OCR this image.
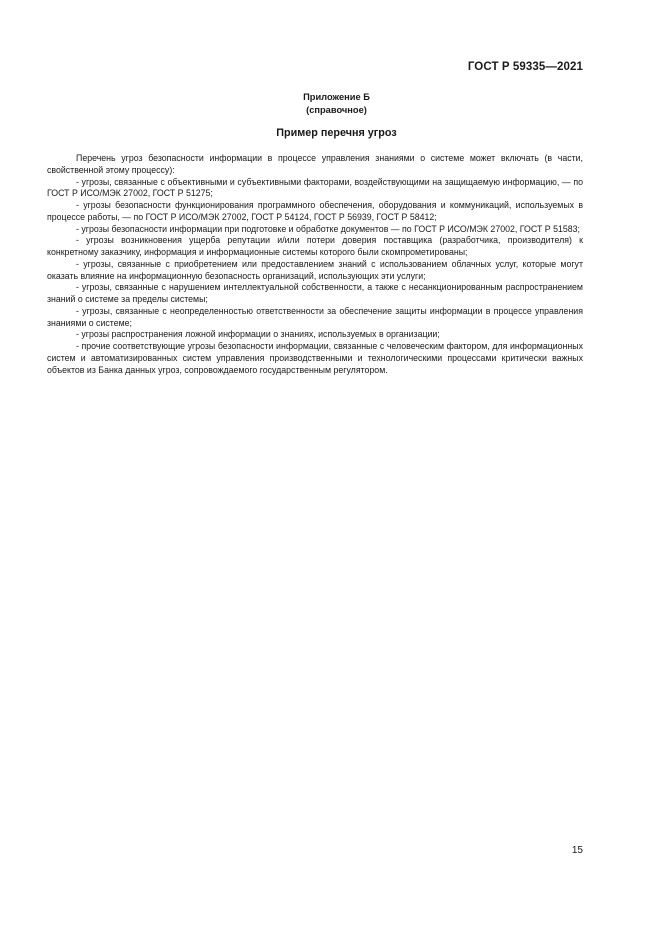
ГОСТ Р 59335—2021
Приложение Б
(справочное)
Пример перечня угроз

Перечень угроз безопасности информации в процессе управления знаниями о системе может включать (в части, свойственной этому процессу):

- угрозы, связанные с объективными и субъективными факторами, воздействующими на защищаемую информацию, — по ГОСТ Р ИСО/МЭК 27002, ГОСТ Р 51275;

- угрозы безопасности функционирования программного обеспечения, оборудования и коммуникаций, используемых в процессе работы, — по ГОСТ Р ИСО/МЭК 27002, ГОСТ Р 54124, ГОСТ Р 56939, ГОСТ Р 58412;

- угрозы безопасности информации при подготовке и обработке документов — по ГОСТ Р ИСО/МЭК 27002, ГОСТ Р 51583;

- угрозы возникновения ущерба репутации и/или потери доверия поставщика (разработчика, производителя) к конкретному заказчику, информация и информационные системы которого были скомпрометированы;

- угрозы, связанные с приобретением или предоставлением знаний с использованием облачных услуг, которые могут оказать влияние на информационную безопасность организаций, использующих эти услуги;

- угрозы, связанные с нарушением интеллектуальной собственности, а также с несанкционированным распространением знаний о системе за пределы системы;

- угрозы, связанные с неопределенностью ответственности за обеспечение защиты информации в процессе управления знаниями о системе;

- угрозы распространения ложной информации о знаниях, используемых в организации;

- прочие соответствующие угрозы безопасности информации, связанные с человеческим фактором, для информационных систем и автоматизированных систем управления производственными и технологическими процессами критически важных объектов из Банка данных угроз, сопровождаемого государственным регулятором.

15
